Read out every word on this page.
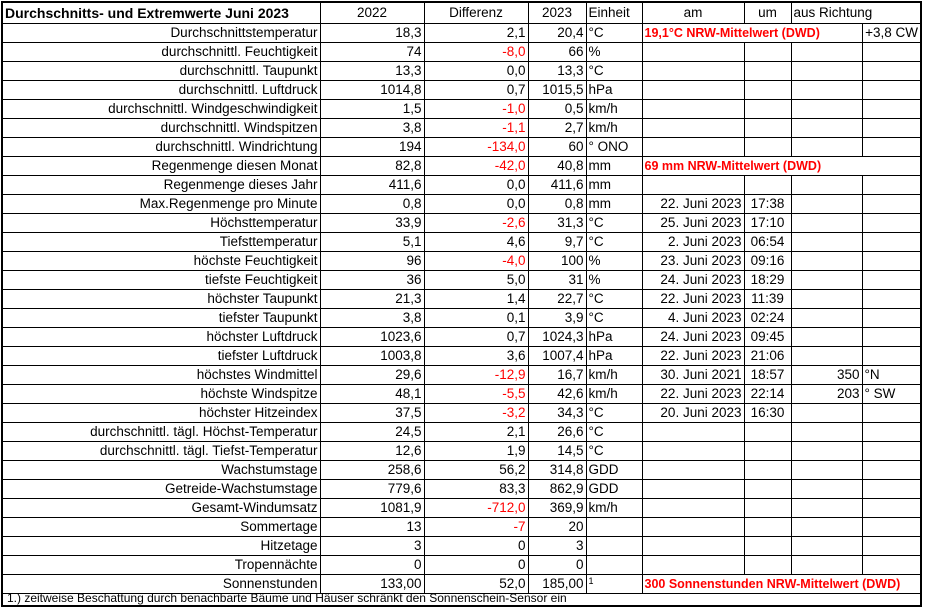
Durchschnitts- und Extremwerte Juni 2023	2022	Differenz	2023	Einheit	am	um	aus Richtung	
Durchschnittstemperatur	18,3	2,1	20,4	°C	19,1°C NRW-Mittelwert (DWD)			+3,8 CW
durchschnittl. Feuchtigkeit	74	-8,0	66	%				
durchschnittl. Taupunkt	13,3	0,0	13,3	°C				
durchschnittl. Luftdruck	1014,8	0,7	1015,5	hPa				
durchschnittl. Windgeschwindigkeit	1,5	-1,0	0,5	km/h				
durchschnittl. Windspitzen	3,8	-1,1	2,7	km/h				
durchschnittl. Windrichtung	194	-134,0	60	° ONO				
Regenmenge diesen Monat	82,8	-42,0	40,8	mm	69 mm NRW-Mittelwert (DWD)			
Regenmenge dieses Jahr	411,6	0,0	411,6	mm				
Max.Regenmenge pro Minute	0,8	0,0	0,8	mm	22. Juni 2023	17:38		
Höchsttemperatur	33,9	-2,6	31,3	°C	25. Juni 2023	17:10		
Tiefsttemperatur	5,1	4,6	9,7	°C	2. Juni 2023	06:54		
höchste Feuchtigkeit	96	-4,0	100	%	23. Juni 2023	09:16		
tiefste Feuchtigkeit	36	5,0	31	%	24. Juni 2023	18:29		
höchster Taupunkt	21,3	1,4	22,7	°C	22. Juni 2023	11:39		
tiefster Taupunkt	3,8	0,1	3,9	°C	4. Juni 2023	02:24		
höchster Luftdruck	1023,6	0,7	1024,3	hPa	24. Juni 2023	09:45		
tiefster Luftdruck	1003,8	3,6	1007,4	hPa	22. Juni 2023	21:06		
höchstes Windmittel	29,6	-12,9	16,7	km/h	30. Juni 2021	18:57	350	°N
höchste Windspitze	48,1	-5,5	42,6	km/h	22. Juni 2023	22:14	203	° SW
höchster Hitzeindex	37,5	-3,2	34,3	°C	20. Juni 2023	16:30		
durchschnittl. tägl. Höchst-Temperatur	24,5	2,1	26,6	°C				
durchschnittl. tägl. Tiefst-Temperatur	12,6	1,9	14,5	°C				
Wachstumstage	258,6	56,2	314,8	GDD				
Getreide-Wachstumstage	779,6	83,3	862,9	GDD				
Gesamt-Windumsatz	1081,9	-712,0	369,9	km/h				
Sommertage	13	-7	20					
Hitzetage	3	0	3					
Tropennächte	0	0	0					
Sonnenstunden	133,00	52,0	185,00	1	300 Sonnenstunden NRW-Mittelwert (DWD)			
1.) zeitweise Beschattung durch benachbarte Bäume und Häuser schränkt den Sonnenschein-Sensor ein
